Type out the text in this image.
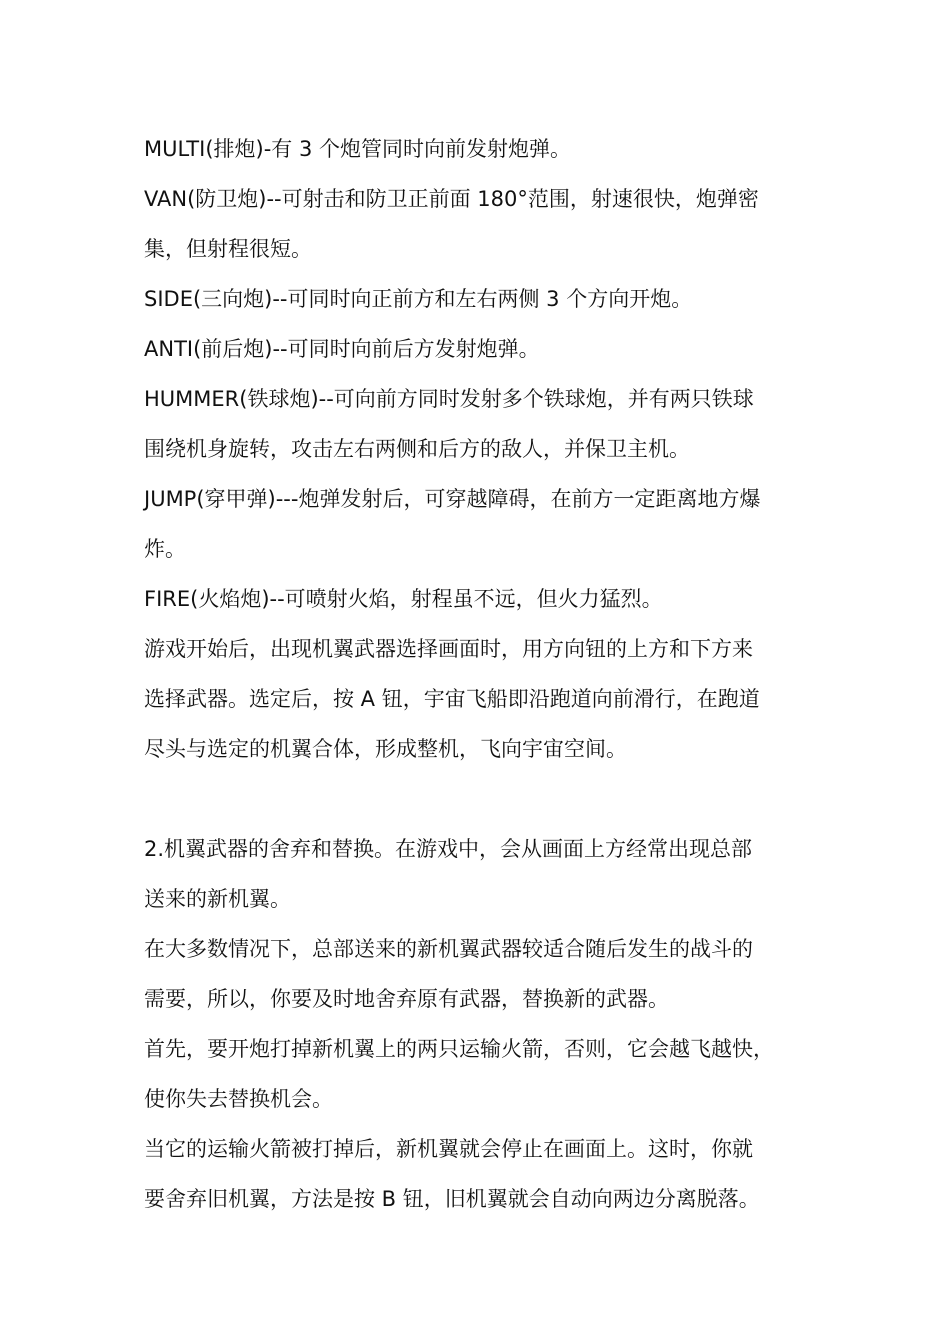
MULTI(排炮)-有 3 个炮管同时向前发射炮弹。

VAN(防卫炮)--可射击和防卫正前面 180°范围，射速很快，炮弹密

集，但射程很短。

SIDE(三向炮)--可同时向正前方和左右两侧 3 个方向开炮。

ANTI(前后炮)--可同时向前后方发射炮弹。

HUMMER(铁球炮)--可向前方同时发射多个铁球炮，并有两只铁球

围绕机身旋转，攻击左右两侧和后方的敌人，并保卫主机。

JUMP(穿甲弹)---炮弹发射后，可穿越障碍，在前方一定距离地方爆

炸。

FIRE(火焰炮)--可喷射火焰，射程虽不远，但火力猛烈。

游戏开始后，出现机翼武器选择画面时，用方向钮的上方和下方来

选择武器。选定后，按 A 钮，宇宙飞船即沿跑道向前滑行，在跑道

尽头与选定的机翼合体，形成整机，飞向宇宙空间。

2.机翼武器的舍弃和替换。在游戏中，会从画面上方经常出现总部

送来的新机翼。

在大多数情况下，总部送来的新机翼武器较适合随后发生的战斗的

需要，所以，你要及时地舍弃原有武器，替换新的武器。

首先，要开炮打掉新机翼上的两只运输火箭，否则，它会越飞越快，

使你失去替换机会。

当它的运输火箭被打掉后，新机翼就会停止在画面上。这时，你就

要舍弃旧机翼，方法是按 B 钮，旧机翼就会自动向两边分离脱落。
